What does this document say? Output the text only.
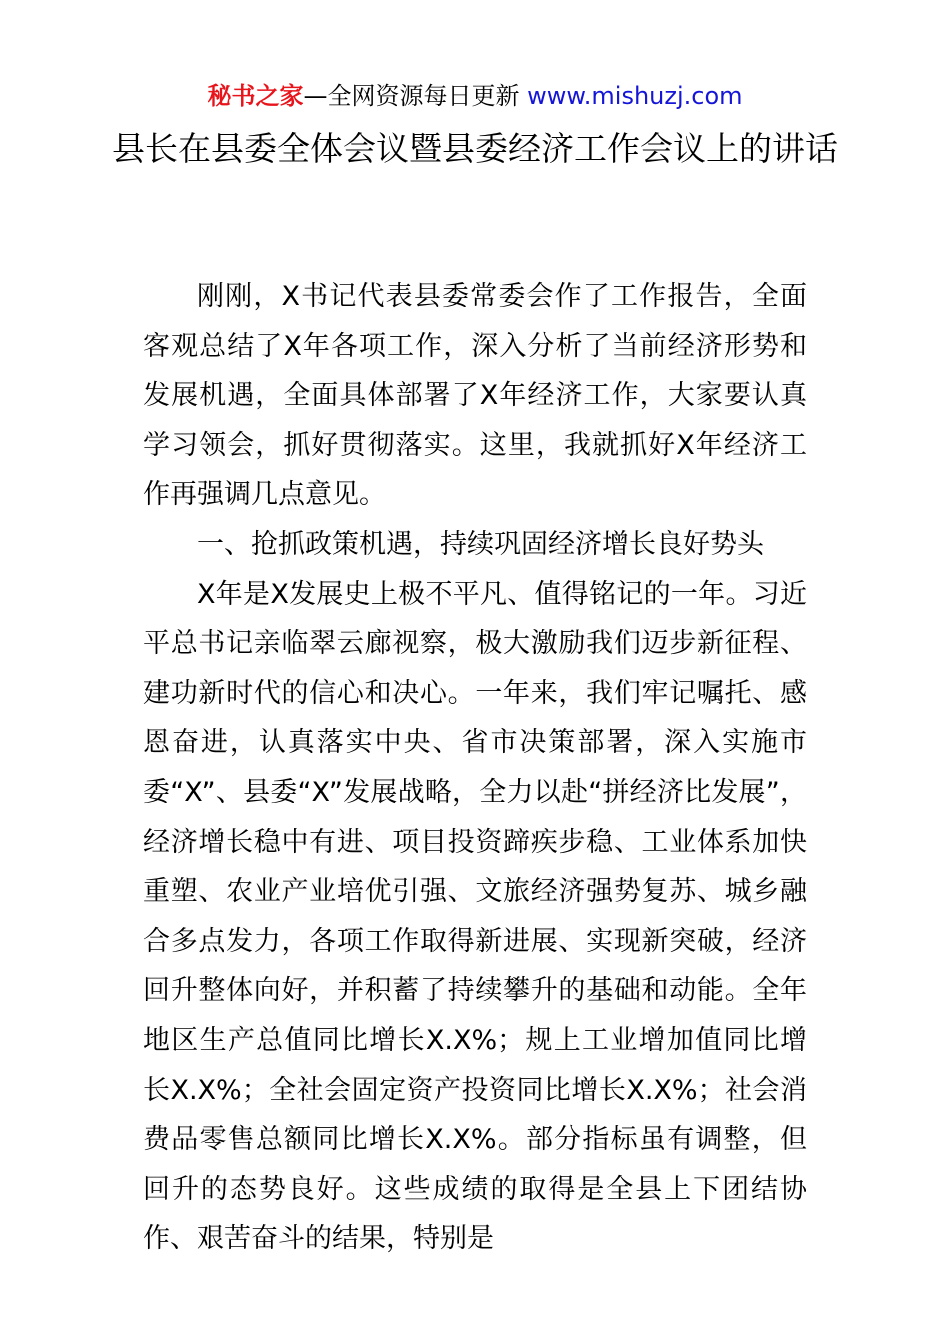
秘书之家—全网资源每日更新 www.mishuzj.com
县长在县委全体会议暨县委经济工作会议上的讲话

刚刚，X书记代表县委常委会作了工作报告，全面客观总结了X年各项工作，深入分析了当前经济形势和发展机遇，全面具体部署了X年经济工作，大家要认真学习领会，抓好贯彻落实。这里，我就抓好X年经济工作再强调几点意见。

一、抢抓政策机遇，持续巩固经济增长良好势头

X年是X发展史上极不平凡、值得铭记的一年。习近平总书记亲临翠云廊视察，极大激励我们迈步新征程、建功新时代的信心和决心。一年来，我们牢记嘱托、感恩奋进，认真落实中央、省市决策部署，深入实施市委“X”、县委“X”发展战略，全力以赴“拼经济比发展”，经济增长稳中有进、项目投资蹄疾步稳、工业体系加快重塑、农业产业培优引强、文旅经济强势复苏、城乡融合多点发力，各项工作取得新进展、实现新突破，经济回升整体向好，并积蓄了持续攀升的基础和动能。全年地区生产总值同比增长X.X%；规上工业增加值同比增长X.X%；全社会固定资产投资同比增长X.X%；社会消费品零售总额同比增长X.X%。部分指标虽有调整，但回升的态势良好。这些成绩的取得是全县上下团结协作、艰苦奋斗的结果，特别是
